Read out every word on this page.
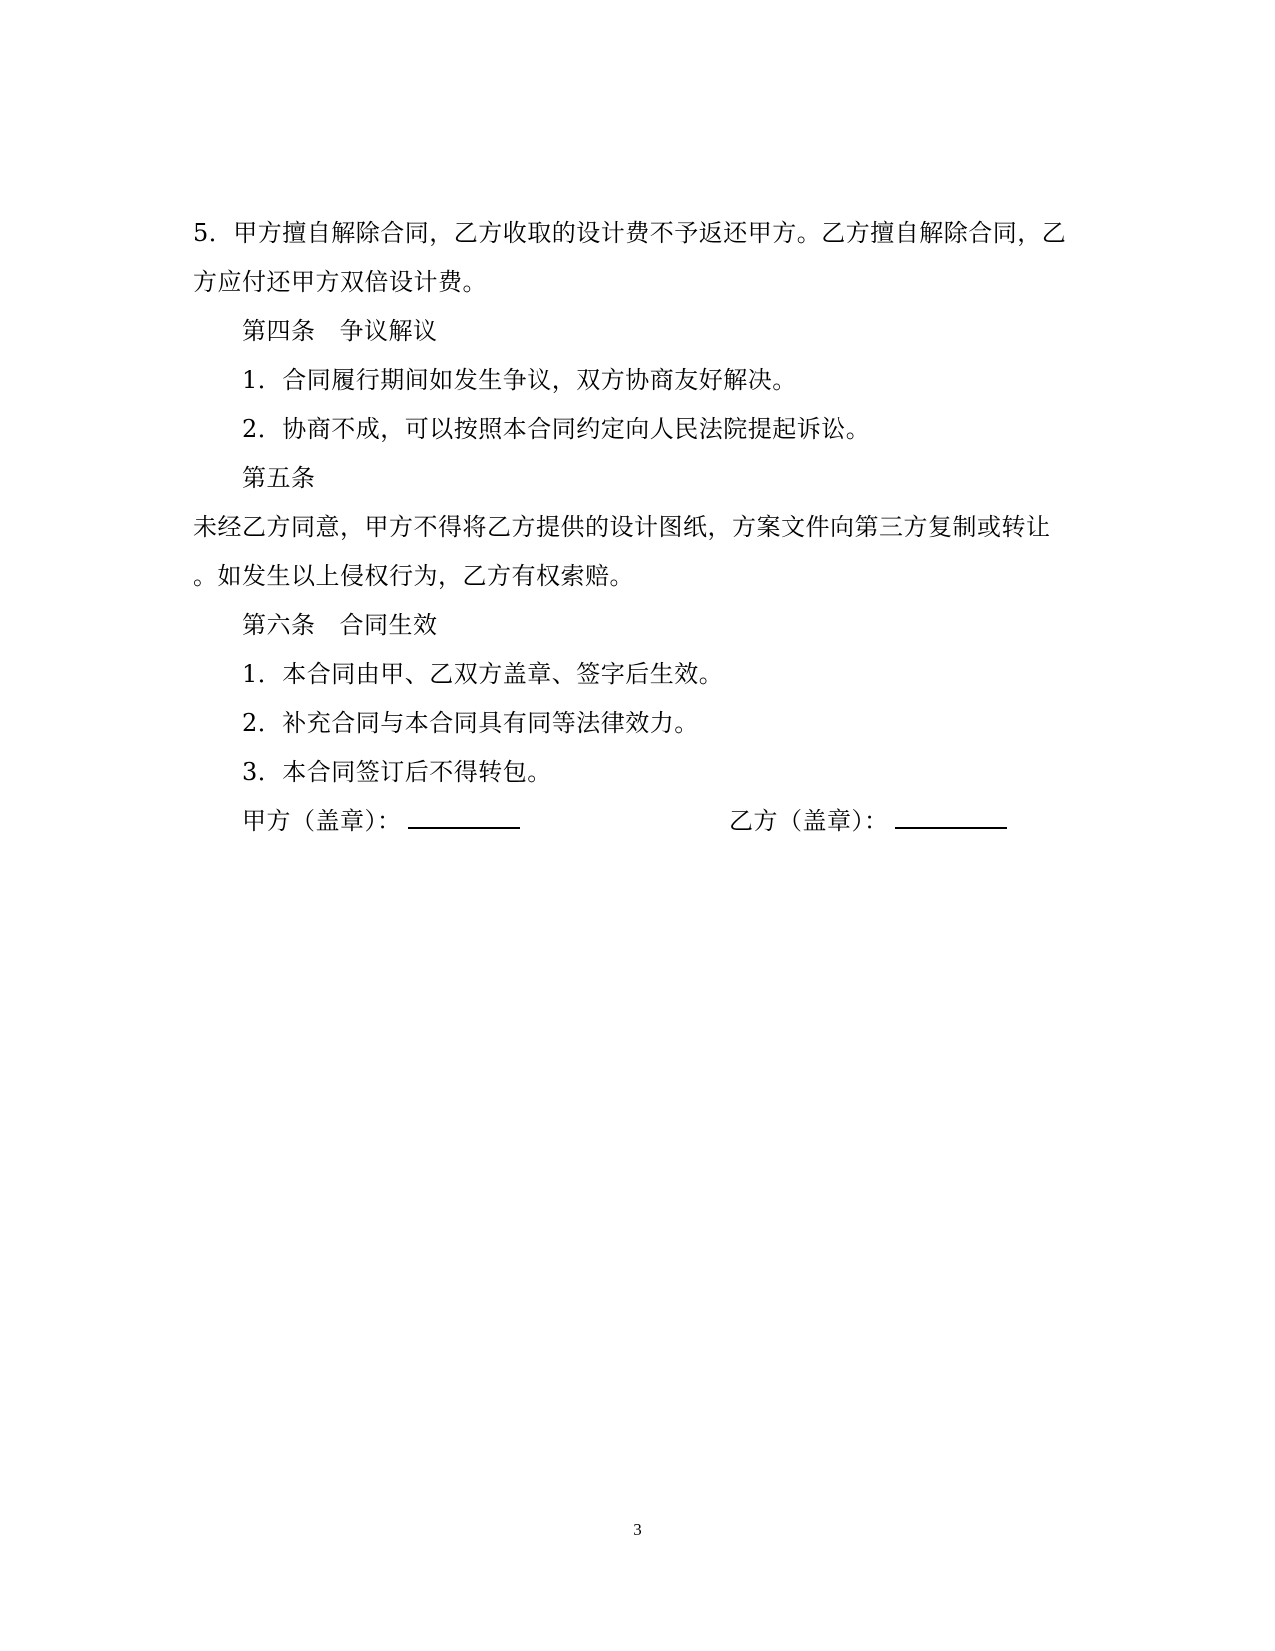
5．甲方擅自解除合同，乙方收取的设计费不予返还甲方。乙方擅自解除合同，乙
方应付还甲方双倍设计费。
第四条 争议解议
1．合同履行期间如发生争议，双方协商友好解决。
2．协商不成，可以按照本合同约定向人民法院提起诉讼。
第五条
未经乙方同意，甲方不得将乙方提供的设计图纸，方案文件向第三方复制或转让
。如发生以上侵权行为，乙方有权索赔。
第六条 合同生效
1．本合同由甲、乙双方盖章、签字后生效。
2．补充合同与本合同具有同等法律效力。
3．本合同签订后不得转包。
甲方（盖章）：	乙方（盖章）：
3
